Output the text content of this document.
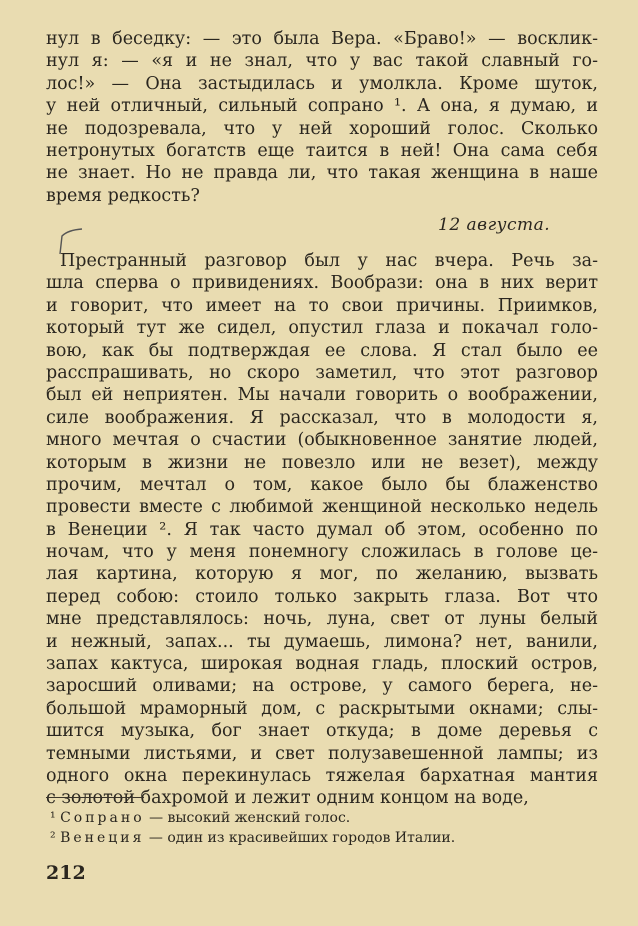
нул в беседку: — это была Вера. «Браво!» — восклик-
нул я: — «я и не знал, что у вас такой славный го-
лос!» — Она застыдилась и умолкла. Кроме шуток,
у ней отличный, сильный сопрано ¹. А она, я думаю, и
не подозревала, что у ней хороший голос. Сколько
нетронутых богатств еще таится в ней! Она сама себя
не знает. Но не правда ли, что такая женщина в наше
время редкость?
12 августа.
Престранный разговор был у нас вчера. Речь за-
шла сперва о привидениях. Вообрази: она в них верит
и говорит, что имеет на то свои причины. Приимков,
который тут же сидел, опустил глаза и покачал голо-
вою, как бы подтверждая ее слова. Я стал было ее
расспрашивать, но скоро заметил, что этот разговор
был ей неприятен. Мы начали говорить о воображении,
силе воображения. Я рассказал, что в молодости я,
много мечтая о счастии (обыкновенное занятие людей,
которым в жизни не повезло или не везет), между
прочим, мечтал о том, какое было бы блаженство
провести вместе с любимой женщиной несколько недель
в Венеции ². Я так часто думал об этом, особенно по
ночам, что у меня понемногу сложилась в голове це-
лая картина, которую я мог, по желанию, вызвать
перед собою: стоило только закрыть глаза. Вот что
мне представлялось: ночь, луна, свет от луны белый
и нежный, запах... ты думаешь, лимона? нет, ванили,
запах кактуса, широкая водная гладь, плоский остров,
заросший оливами; на острове, у самого берега, не-
большой мраморный дом, с раскрытыми окнами; слы-
шится музыка, бог знает откуда; в доме деревья с
темными листьями, и свет полузавешенной лампы; из
одного окна перекинулась тяжелая бархатная мантия
с золотой бахромой и лежит одним концом на воде,
¹ Сопрано — высокий женский голос.
² Венеция — один из красивейших городов Италии.
212
